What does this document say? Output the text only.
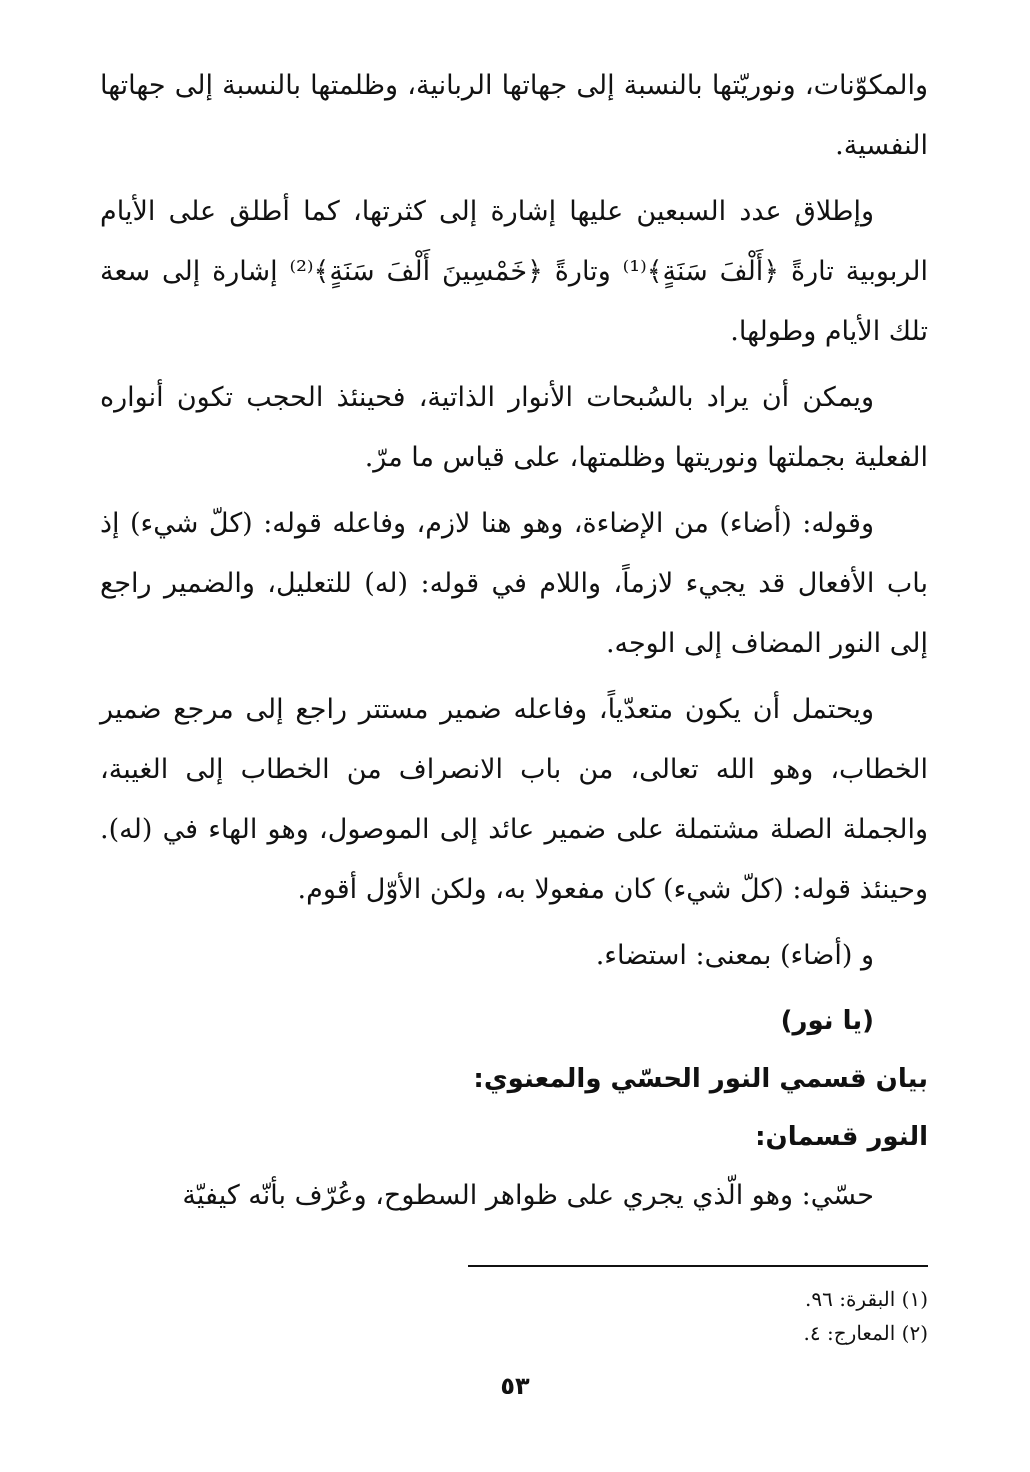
والمكوّنات، ونوريّتها بالنسبة إلى جهاتها الربانية، وظلمتها بالنسبة إلى جهاتها النفسية.

وإطلاق عدد السبعين عليها إشارة إلى كثرتها، كما أطلق على الأيام الربوبية تارةً ﴿أَلْفَ سَنَةٍ﴾⁽¹⁾ وتارةً ﴿خَمْسِينَ أَلْفَ سَنَةٍ﴾⁽²⁾ إشارة إلى سعة تلك الأيام وطولها.

ويمكن أن يراد بالسُبحات الأنوار الذاتية، فحينئذ الحجب تكون أنواره الفعلية بجملتها ونوريتها وظلمتها، على قياس ما مرّ.

وقوله: (أضاء) من الإضاءة، وهو هنا لازم، وفاعله قوله: (كلّ شيء) إذ باب الأفعال قد يجيء لازماً، واللام في قوله: (له) للتعليل، والضمير راجع إلى النور المضاف إلى الوجه.

ويحتمل أن يكون متعدّياً، وفاعله ضمير مستتر راجع إلى مرجع ضمير الخطاب، وهو الله تعالى، من باب الانصراف من الخطاب إلى الغيبة، والجملة الصلة مشتملة على ضمير عائد إلى الموصول، وهو الهاء في (له). وحينئذ قوله: (كلّ شيء) كان مفعولا به، ولكن الأوّل أقوم.

و (أضاء) بمعنى: استضاء.

(يا نور)

بيان قسمي النور الحسّي والمعنوي:

النور قسمان:

حسّي: وهو الّذي يجري على ظواهر السطوح، وعُرّف بأنّه كيفيّة

(١) البقرة: ٩٦.
(٢) المعارج: ٤.
٥٣
